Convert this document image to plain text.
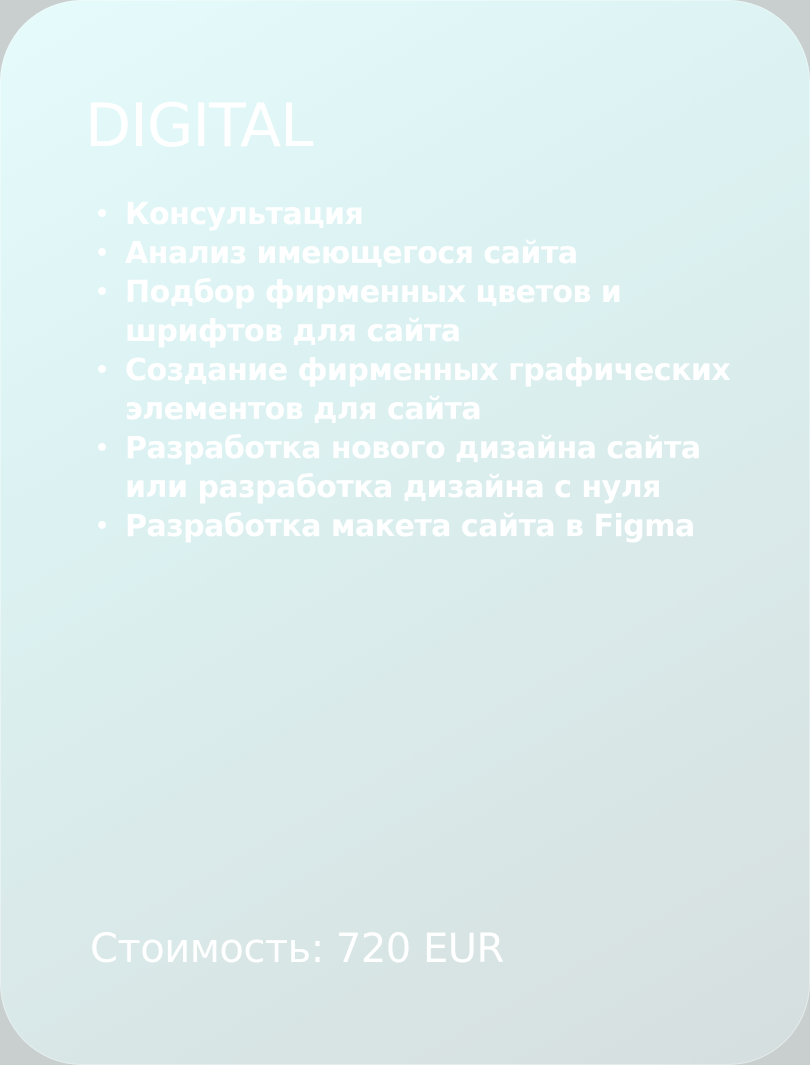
DIGITAL
• Консультация
• Анализ имеющегося сайта
• Подбор фирменных цветов и шрифтов для сайта
• Создание фирменных графических элементов для сайта
• Разработка нового дизайна сайта или разработка дизайна с нуля
• Разработка макета сайта в Figma
Стоимость: 720 EUR
